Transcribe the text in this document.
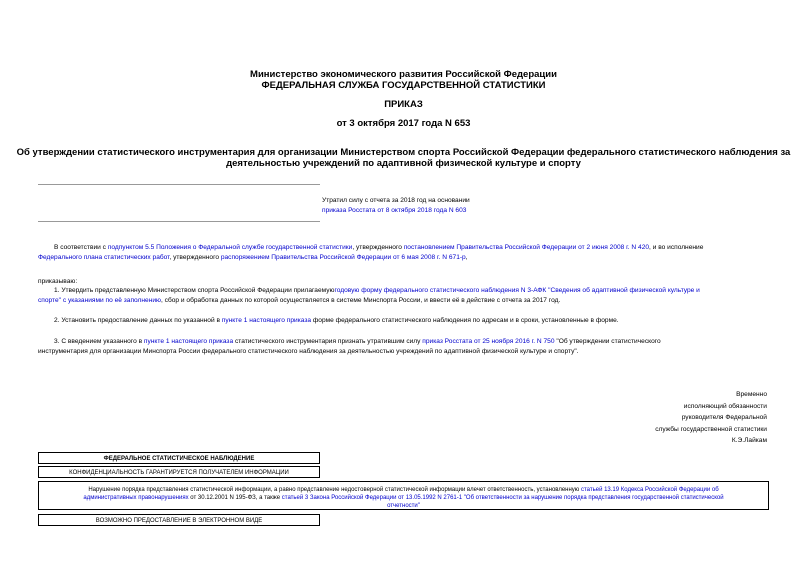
Министерство экономического развития Российской Федерации
ФЕДЕРАЛЬНАЯ СЛУЖБА ГОСУДАРСТВЕННОЙ СТАТИСТИКИ
ПРИКАЗ
от 3 октября 2017 года N 653
Об утверждении статистического инструментария для организации Министерством спорта Российской Федерации федерального статистического наблюдения за
деятельностью учреждений по адаптивной физической культуре и спорту
Утратил силу с отчета за 2018 год на основании
приказа Росстата от 8 октября 2018 года N 603
В соответствии с подпунктом 5.5 Положения о Федеральной службе государственной статистики, утвержденного постановлением Правительства Российской Федерации от 2 июня 2008 г. N 420, и во исполнение
Федерального плана статистических работ, утвержденного распоряжением Правительства Российской Федерации от 6 мая 2008 г. N 671-р,
приказываю:
1. Утвердить представленную Министерством спорта Российской Федерации прилагаемуюгодовую форму федерального статистического наблюдения N 3-АФК "Сведения об адаптивной физической культуре и
спорте" с указаниями по её заполнению, сбор и обработка данных по которой осуществляется в системе Минспорта России, и ввести её в действие с отчета за 2017 год.
2. Установить предоставление данных по указанной в пункте 1 настоящего приказа форме федерального статистического наблюдения по адресам и в сроки, установленные в форме.
3. С введением указанного в пункте 1 настоящего приказа статистического инструментария признать утратившим силу приказ Росстата от 25 ноября 2016 г. N 750 "Об утверждении статистического
инструментария для организации Минспорта России федерального статистического наблюдения за деятельностью учреждений по адаптивной физической культуре и спорту".
Временно
исполняющий обязанности
руководителя Федеральной
службы государственной статистики
К.Э.Лайкам
ФЕДЕРАЛЬНОЕ СТАТИСТИЧЕСКОЕ НАБЛЮДЕНИЕ
КОНФИДЕНЦИАЛЬНОСТЬ ГАРАНТИРУЕТСЯ ПОЛУЧАТЕЛЕМ ИНФОРМАЦИИ
Нарушение порядка представления статистической информации, а равно представление недостоверной статистической информации влечет ответственность, установленную статьей 13.19 Кодекса Российской Федерации об
административных правонарушениях от 30.12.2001 N 195-ФЗ, а также статьей 3 Закона Российской Федерации от 13.05.1992 N 2761-1 "Об ответственности за нарушение порядка представления государственной статистической
отчетности"
ВОЗМОЖНО ПРЕДОСТАВЛЕНИЕ В ЭЛЕКТРОННОМ ВИДЕ
